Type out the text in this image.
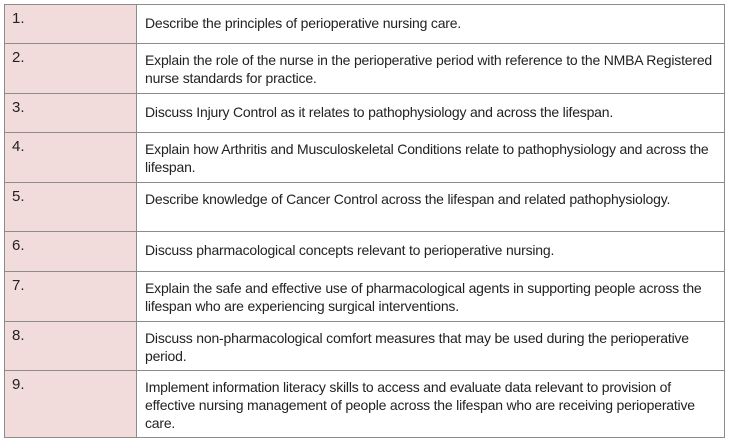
1.	Describe the principles of perioperative nursing care.
2.	Explain the role of the nurse in the perioperative period with reference to the NMBA Registered nurse standards for practice.
3.	Discuss Injury Control as it relates to pathophysiology and across the lifespan.
4.	Explain how Arthritis and Musculoskeletal Conditions relate to pathophysiology and across the lifespan.
5.	Describe knowledge of Cancer Control across the lifespan and related pathophysiology.
6.	Discuss pharmacological concepts relevant to perioperative nursing.
7.	Explain the safe and effective use of pharmacological agents in supporting people across the lifespan who are experiencing surgical interventions.
8.	Discuss non-pharmacological comfort measures that may be used during the perioperative period.
9.	Implement information literacy skills to access and evaluate data relevant to provision of effective nursing management of people across the lifespan who are receiving perioperative care.
